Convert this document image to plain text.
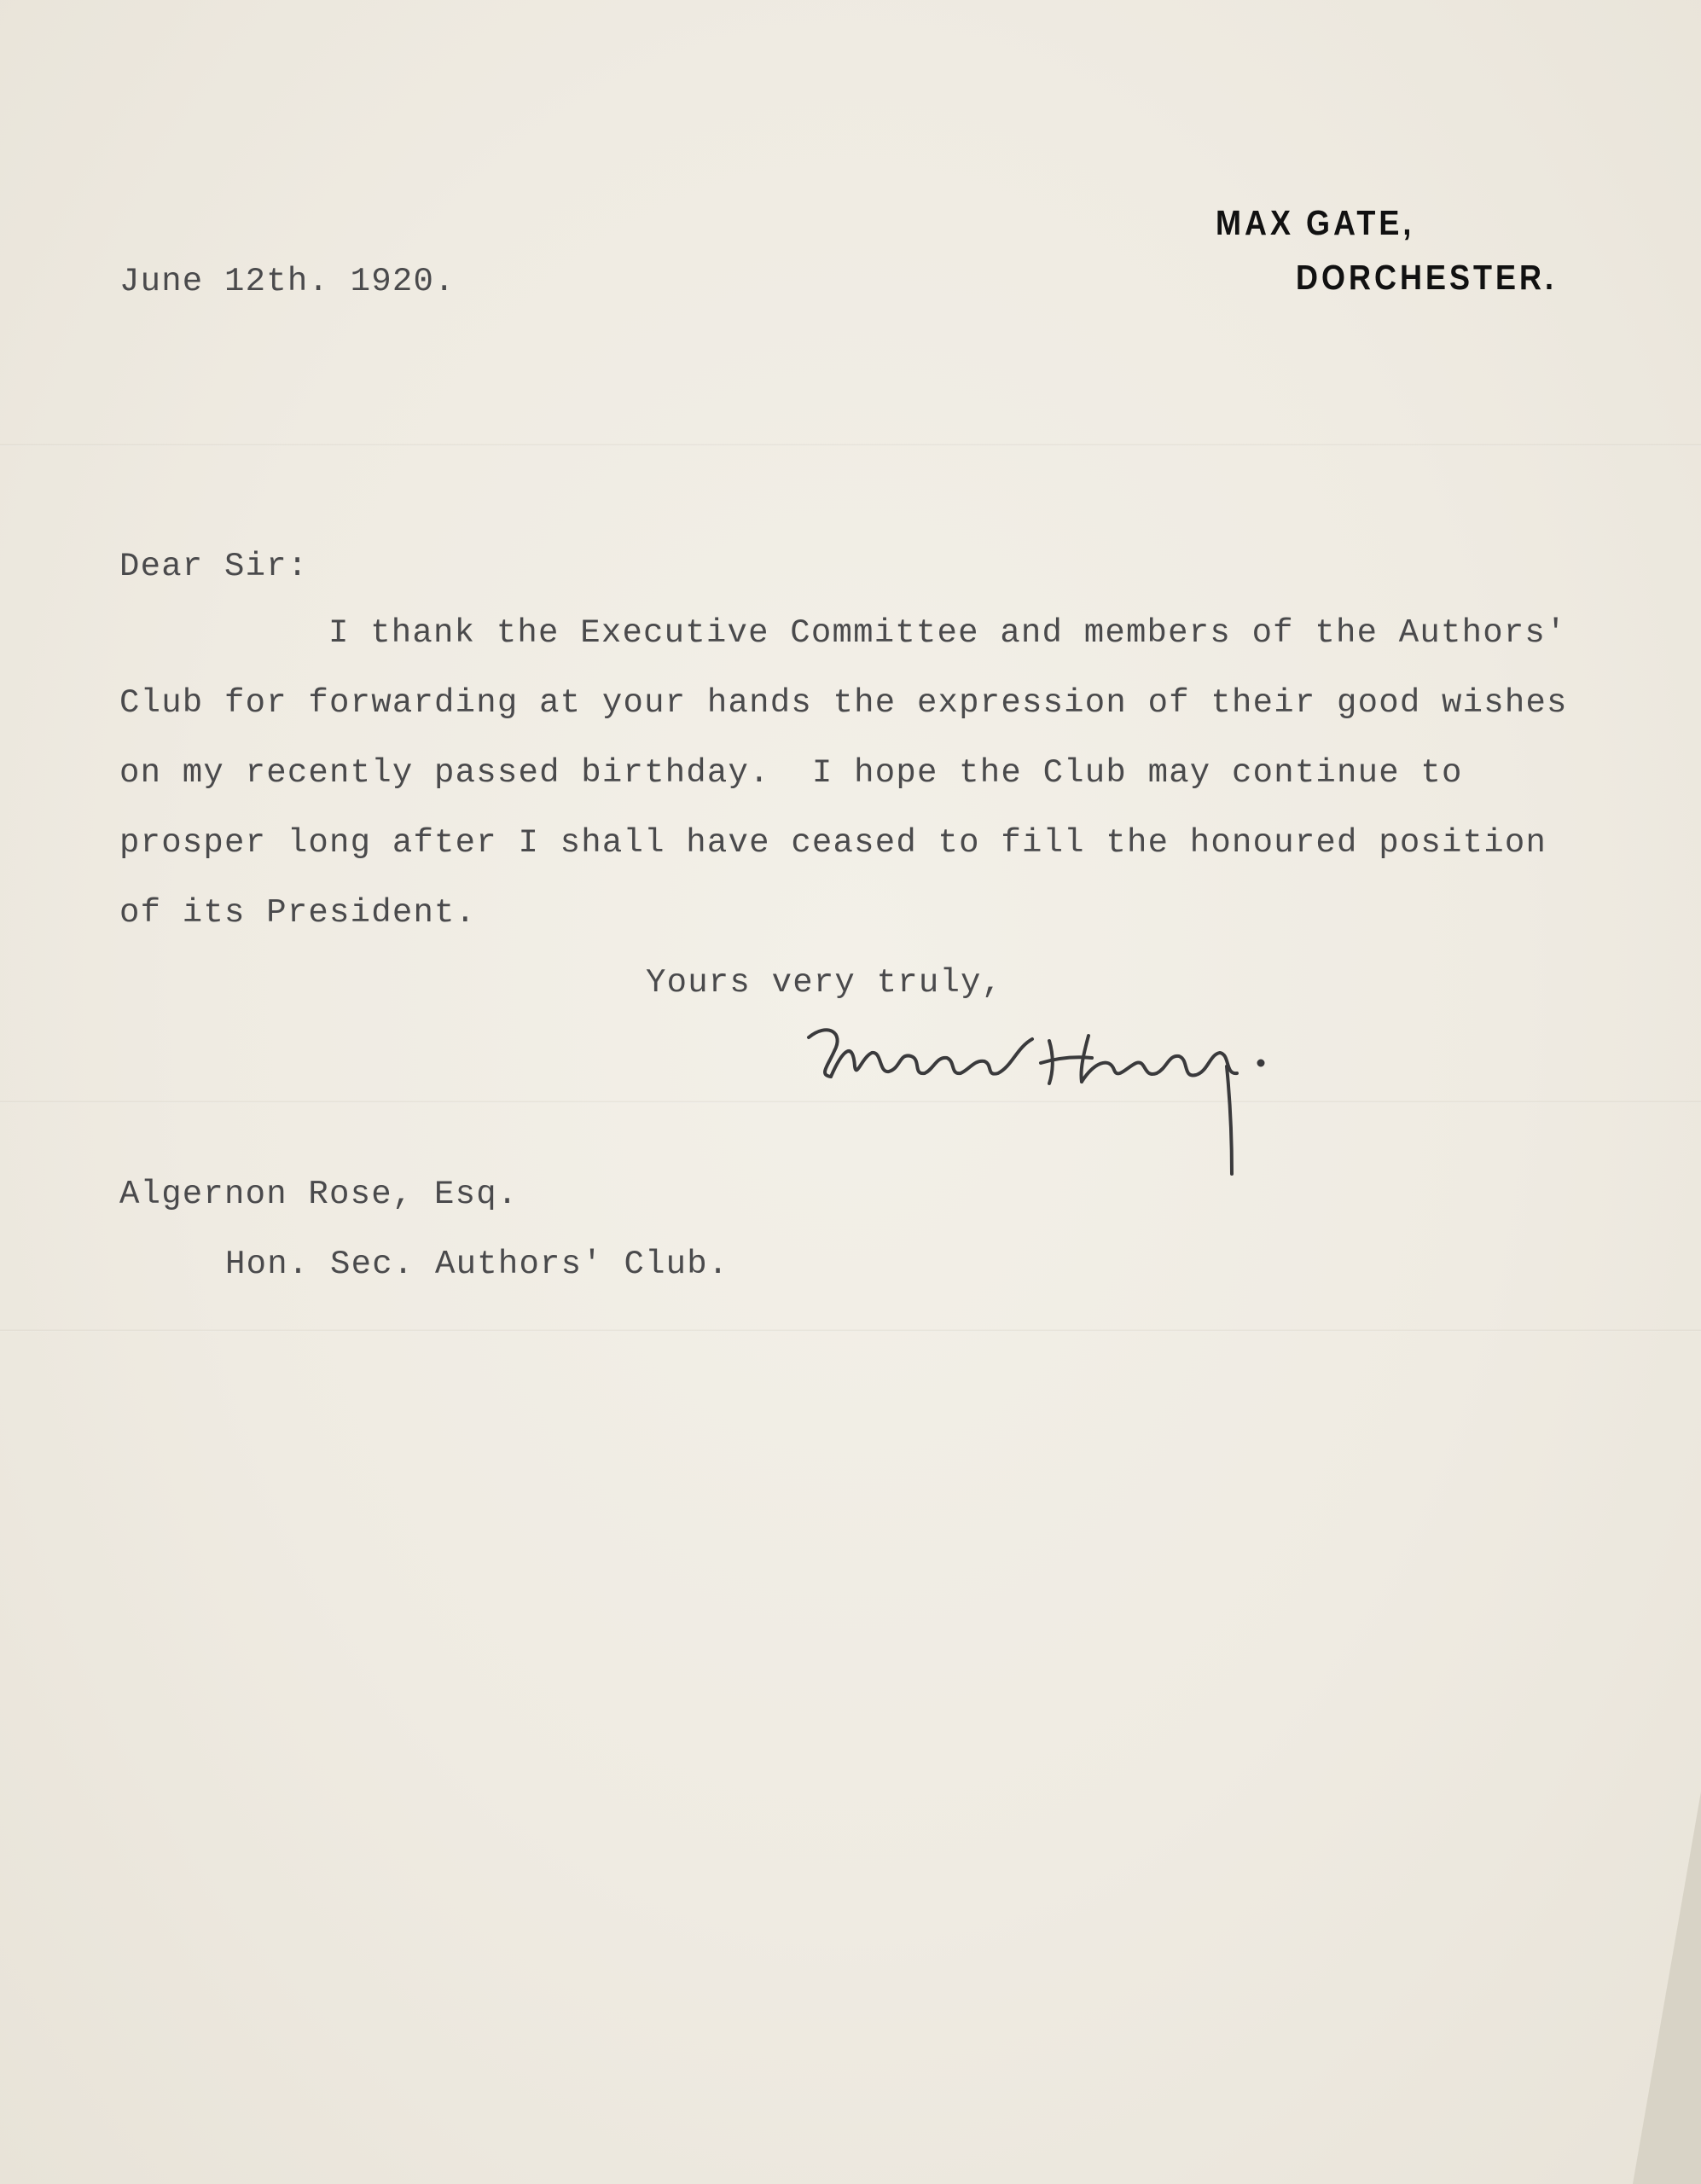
MAX GATE,
DORCHESTER.
June 12th. 1920.
Dear Sir:
I thank the Executive Committee and members of the Authors'
Club for forwarding at your hands the expression of their good wishes
on my recently passed birthday.  I hope the Club may continue to
prosper long after I shall have ceased to fill the honoured position
of its President.
Yours very truly,
Algernon Rose, Esq.
Hon. Sec. Authors' Club.
